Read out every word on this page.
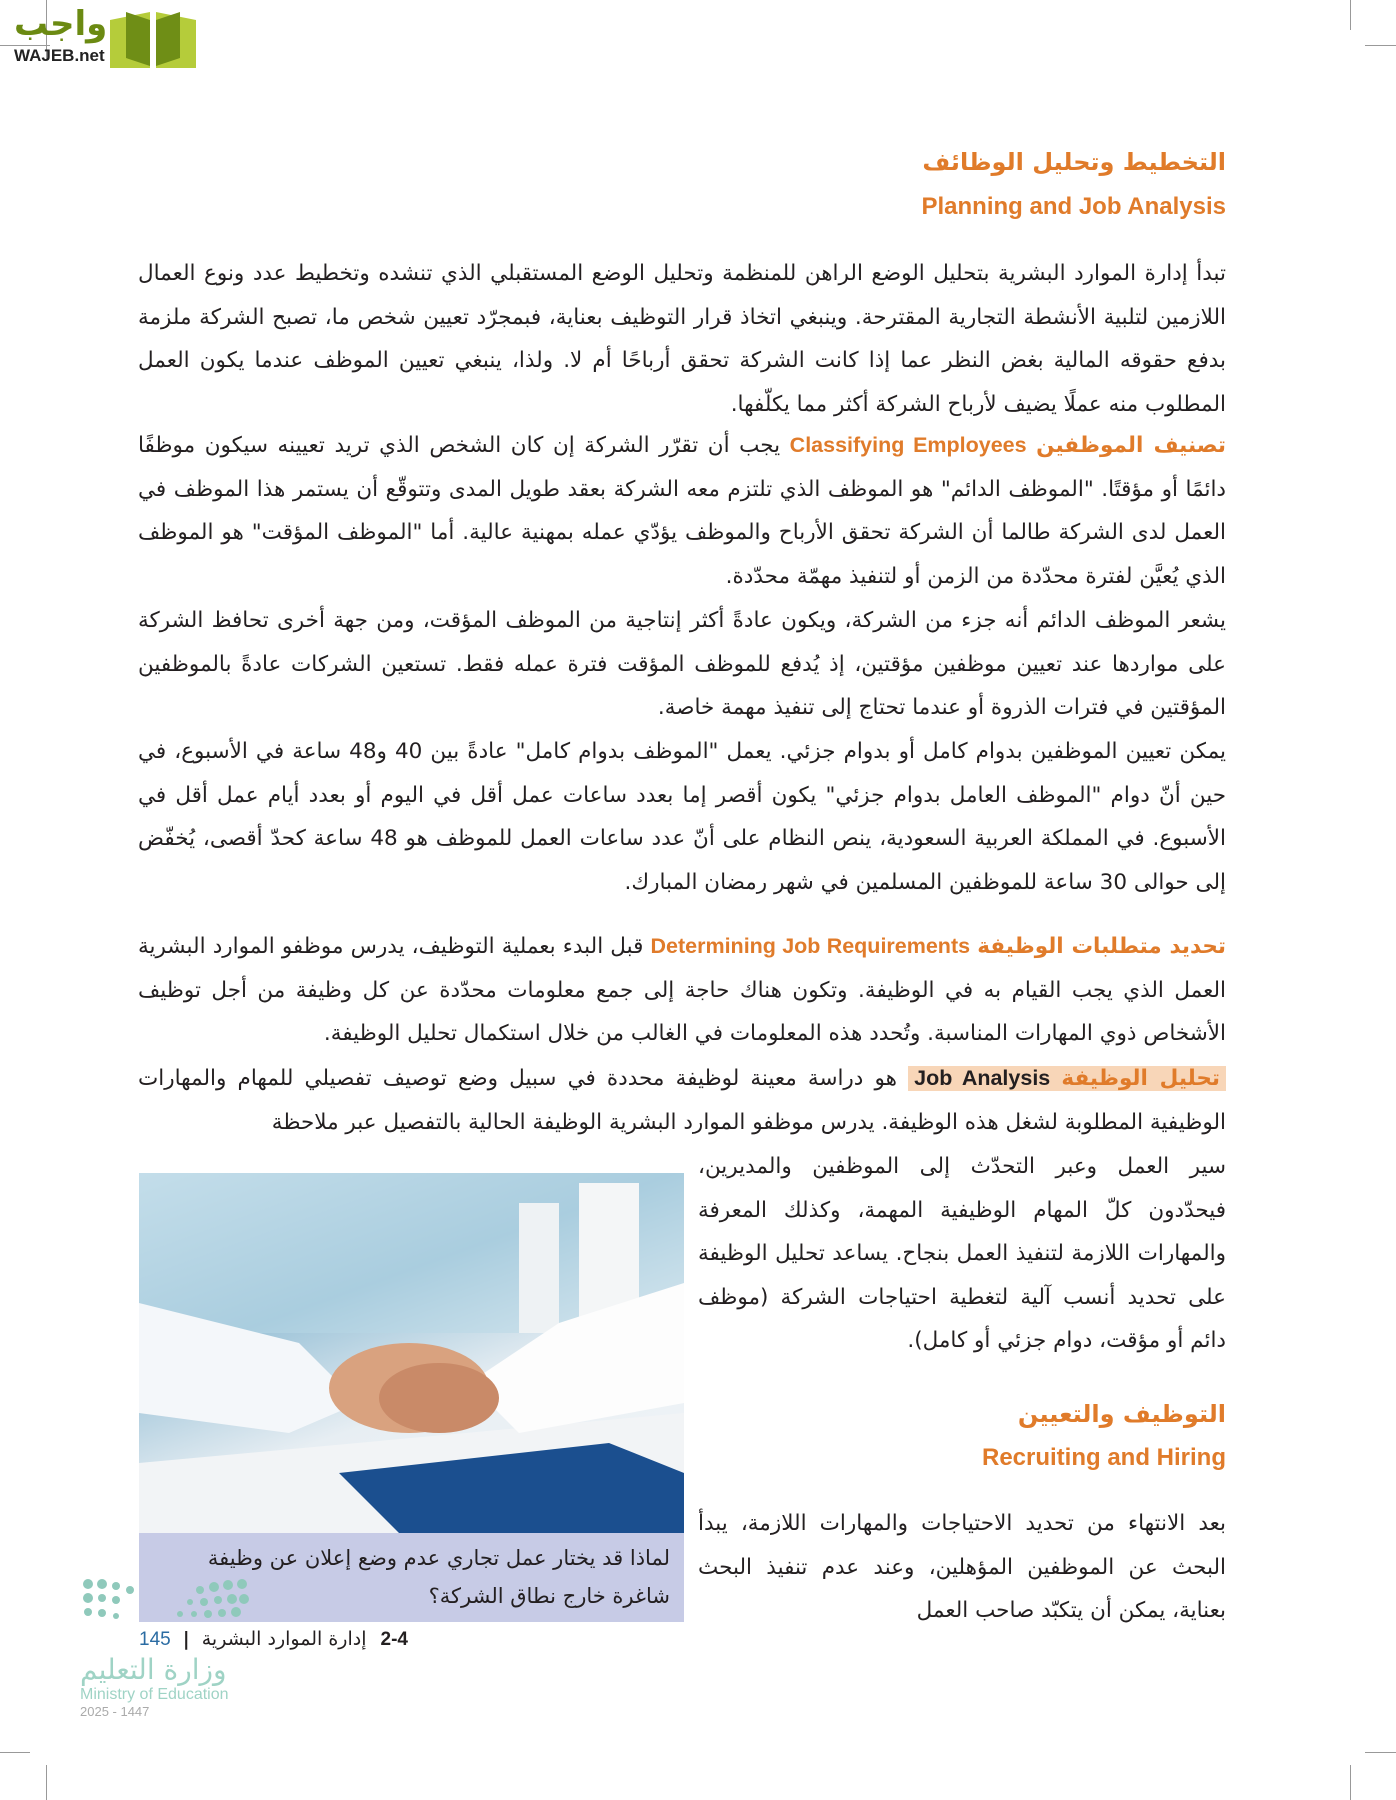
واجب
WAJEB.net
التخطيط وتحليل الوظائف
Planning and Job Analysis

تبدأ إدارة الموارد البشرية بتحليل الوضع الراهن للمنظمة وتحليل الوضع المستقبلي الذي تنشده وتخطيط عدد ونوع العمال اللازمين لتلبية الأنشطة التجارية المقترحة. وينبغي اتخاذ قرار التوظيف بعناية، فبمجرّد تعيين شخص ما، تصبح الشركة ملزمة بدفع حقوقه المالية بغض النظر عما إذا كانت الشركة تحقق أرباحًا أم لا. ولذا، ينبغي تعيين الموظف عندما يكون العمل المطلوب منه عملًا يضيف لأرباح الشركة أكثر مما يكلّفها.

تصنيف الموظفين Classifying Employees يجب أن تقرّر الشركة إن كان الشخص الذي تريد تعيينه سيكون موظفًا دائمًا أو مؤقتًا. "الموظف الدائم" هو الموظف الذي تلتزم معه الشركة بعقد طويل المدى وتتوقّع أن يستمر هذا الموظف في العمل لدى الشركة طالما أن الشركة تحقق الأرباح والموظف يؤدّي عمله بمهنية عالية. أما "الموظف المؤقت" هو الموظف الذي يُعيَّن لفترة محدّدة من الزمن أو لتنفيذ مهمّة محدّدة.

يشعر الموظف الدائم أنه جزء من الشركة، ويكون عادةً أكثر إنتاجية من الموظف المؤقت، ومن جهة أخرى تحافظ الشركة على مواردها عند تعيين موظفين مؤقتين، إذ يُدفع للموظف المؤقت فترة عمله فقط. تستعين الشركات عادةً بالموظفين المؤقتين في فترات الذروة أو عندما تحتاج إلى تنفيذ مهمة خاصة.

يمكن تعيين الموظفين بدوام كامل أو بدوام جزئي. يعمل "الموظف بدوام كامل" عادةً بين 40 و48 ساعة في الأسبوع، في حين أنّ دوام "الموظف العامل بدوام جزئي" يكون أقصر إما بعدد ساعات عمل أقل في اليوم أو بعدد أيام عمل أقل في الأسبوع. في المملكة العربية السعودية، ينص النظام على أنّ عدد ساعات العمل للموظف هو 48 ساعة كحدّ أقصى، يُخفّض إلى حوالى 30 ساعة للموظفين المسلمين في شهر رمضان المبارك.

تحديد متطلبات الوظيفة Determining Job Requirements قبل البدء بعملية التوظيف، يدرس موظفو الموارد البشرية العمل الذي يجب القيام به في الوظيفة. وتكون هناك حاجة إلى جمع معلومات محدّدة عن كل وظيفة من أجل توظيف الأشخاص ذوي المهارات المناسبة. وتُحدد هذه المعلومات في الغالب من خلال استكمال تحليل الوظيفة.

تحليل الوظيفة Job Analysis هو دراسة معينة لوظيفة محددة في سبيل وضع توصيف تفصيلي للمهام والمهارات الوظيفية المطلوبة لشغل هذه الوظيفة. يدرس موظفو الموارد البشرية الوظيفة الحالية بالتفصيل عبر ملاحظة

سير العمل وعبر التحدّث إلى الموظفين والمديرين، فيحدّدون كلّ المهام الوظيفية المهمة، وكذلك المعرفة والمهارات اللازمة لتنفيذ العمل بنجاح. يساعد تحليل الوظيفة على تحديد أنسب آلية لتغطية احتياجات الشركة (موظف دائم أو مؤقت، دوام جزئي أو كامل).

لماذا قد يختار عمل تجاري عدم وضع إعلان عن وظيفة شاغرة خارج نطاق الشركة؟
التوظيف والتعيين
Recruiting and Hiring

بعد الانتهاء من تحديد الاحتياجات والمهارات اللازمة، يبدأ البحث عن الموظفين المؤهلين، وعند عدم تنفيذ البحث بعناية، يمكن أن يتكبّد صاحب العمل

وزارة التعليم
Ministry of Education
2025 - 1447
2-4 إدارة الموارد البشرية | 145
